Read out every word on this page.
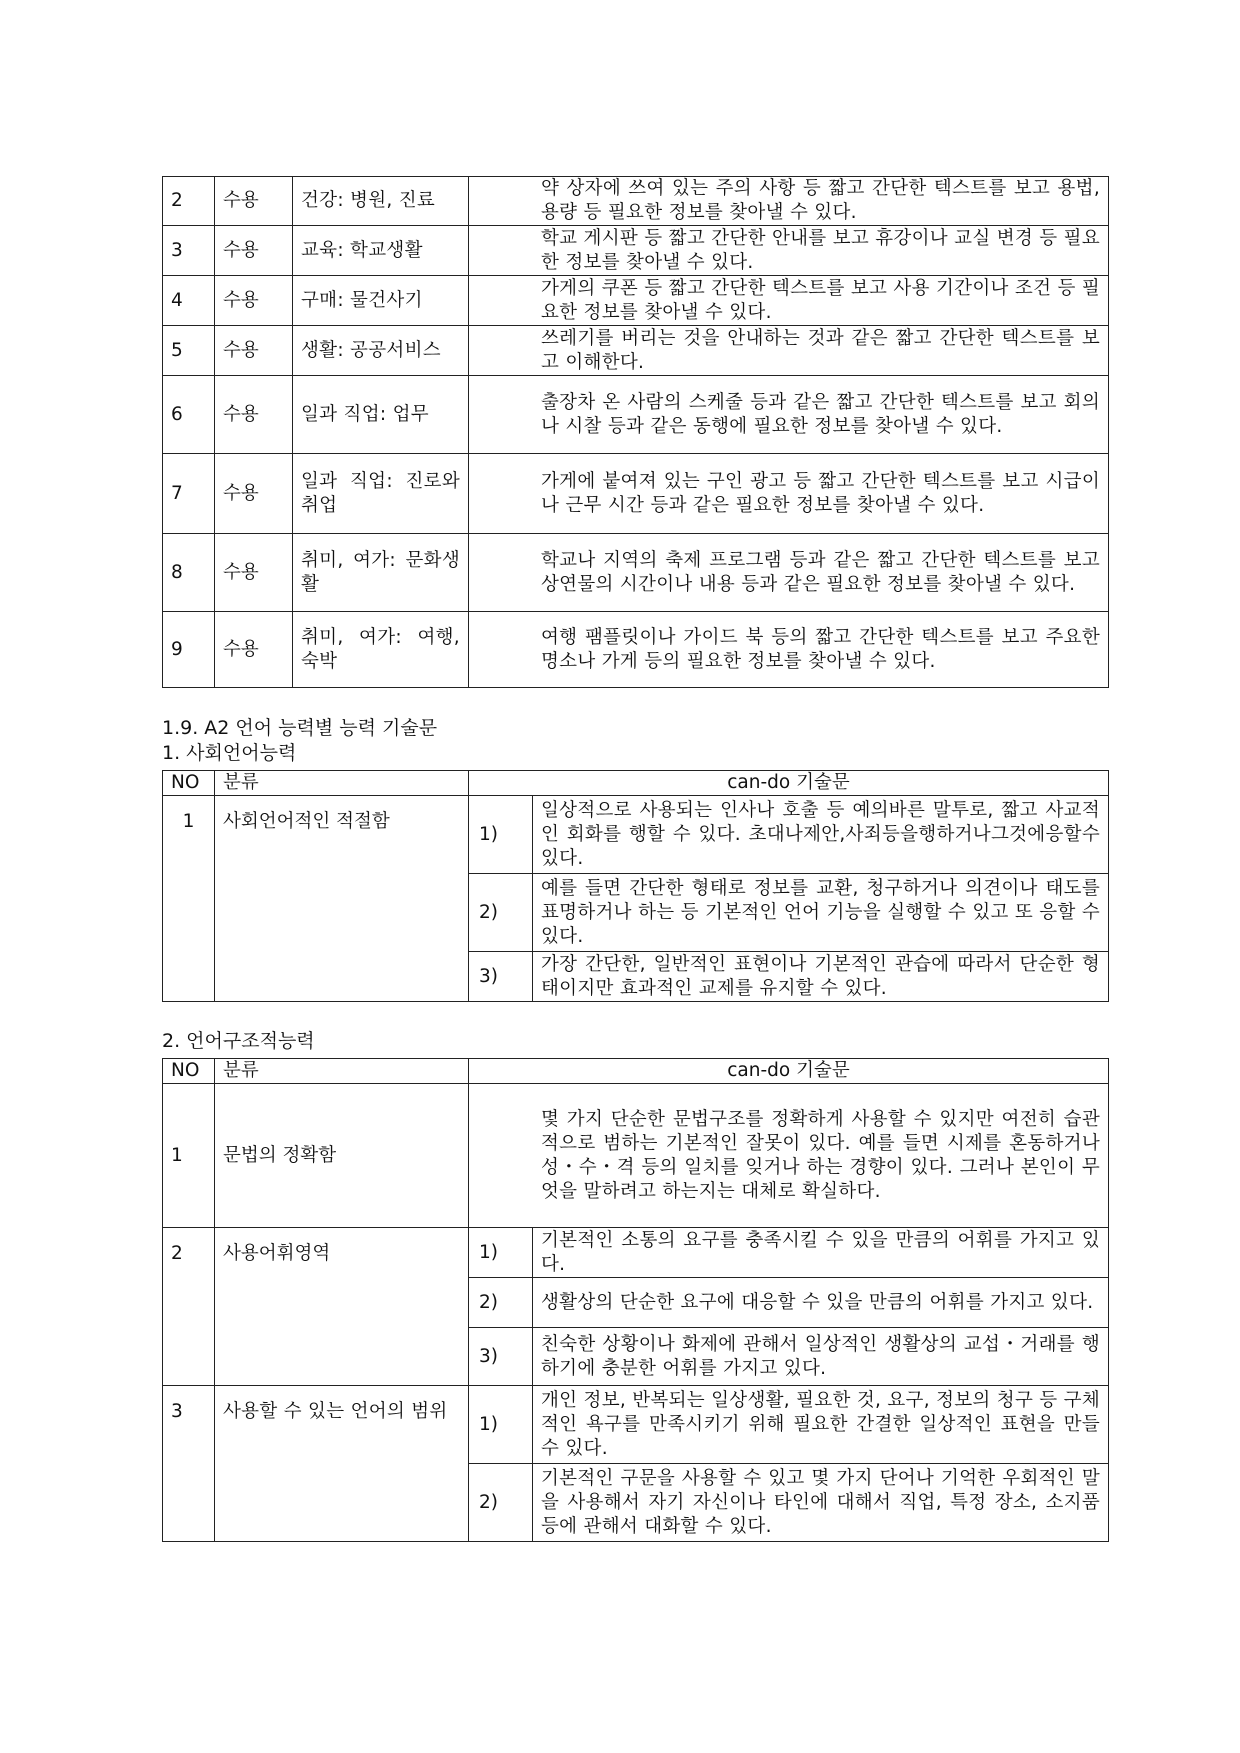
2	수용	건강: 병원, 진료	약 상자에 쓰여 있는 주의 사항 등 짧고 간단한 텍스트를 보고 용법, 용량 등 필요한 정보를 찾아낼 수 있다.
3	수용	교육: 학교생활	학교 게시판 등 짧고 간단한 안내를 보고 휴강이나 교실 변경 등 필요한 정보를 찾아낼 수 있다.
4	수용	구매: 물건사기	가게의 쿠폰 등 짧고 간단한 텍스트를 보고 사용 기간이나 조건 등 필요한 정보를 찾아낼 수 있다.
5	수용	생활: 공공서비스	쓰레기를 버리는 것을 안내하는 것과 같은 짧고 간단한 텍스트를 보고 이해한다.
6	수용	일과 직업: 업무	출장차 온 사람의 스케줄 등과 같은 짧고 간단한 텍스트를 보고 회의나 시찰 등과 같은 동행에 필요한 정보를 찾아낼 수 있다.
7	수용	일과 직업: 진로와 취업	가게에 붙여져 있는 구인 광고 등 짧고 간단한 텍스트를 보고 시급이나 근무 시간 등과 같은 필요한 정보를 찾아낼 수 있다.
8	수용	취미, 여가: 문화생활	학교나 지역의 축제 프로그램 등과 같은 짧고 간단한 텍스트를 보고 상연물의 시간이나 내용 등과 같은 필요한 정보를 찾아낼 수 있다.
9	수용	취미, 여가: 여행, 숙박	여행 팸플릿이나 가이드 북 등의 짧고 간단한 텍스트를 보고 주요한 명소나 가게 등의 필요한 정보를 찾아낼 수 있다.
1.9. A2 언어 능력별 능력 기술문
1. 사회언어능력
NO	분류	can-do 기술문	
1	사회언어적인 적절함	1)	일상적으로 사용되는 인사나 호출 등 예의바른 말투로, 짧고 사교적인 회화를 행할 수 있다. 초대나제안,사죄등을행하거나그것에응할수있다.
		2)	예를 들면 간단한 형태로 정보를 교환, 청구하거나 의견이나 태도를 표명하거나 하는 등 기본적인 언어 기능을 실행할 수 있고 또 응할 수 있다.
		3)	가장 간단한, 일반적인 표현이나 기본적인 관습에 따라서 단순한 형태이지만 효과적인 교제를 유지할 수 있다.
2. 언어구조적능력
NO	분류	can-do 기술문	
1	문법의 정확함	몇 가지 단순한 문법구조를 정확하게 사용할 수 있지만 여전히 습관적으로 범하는 기본적인 잘못이 있다. 예를 들면 시제를 혼동하거나 성・수・격 등의 일치를 잊거나 하는 경향이 있다. 그러나 본인이 무엇을 말하려고 하는지는 대체로 확실하다.	
2	사용어휘영역	1)	기본적인 소통의 요구를 충족시킬 수 있을 만큼의 어휘를 가지고 있다.
		2)	생활상의 단순한 요구에 대응할 수 있을 만큼의 어휘를 가지고 있다.
		3)	친숙한 상황이나 화제에 관해서 일상적인 생활상의 교섭・거래를 행하기에 충분한 어휘를 가지고 있다.
3	사용할 수 있는 언어의 범위	1)	개인 정보, 반복되는 일상생활, 필요한 것, 요구, 정보의 청구 등 구체적인 욕구를 만족시키기 위해 필요한 간결한 일상적인 표현을 만들 수 있다.
		2)	기본적인 구문을 사용할 수 있고 몇 가지 단어나 기억한 우회적인 말을 사용해서 자기 자신이나 타인에 대해서 직업, 특정 장소, 소지품 등에 관해서 대화할 수 있다.
